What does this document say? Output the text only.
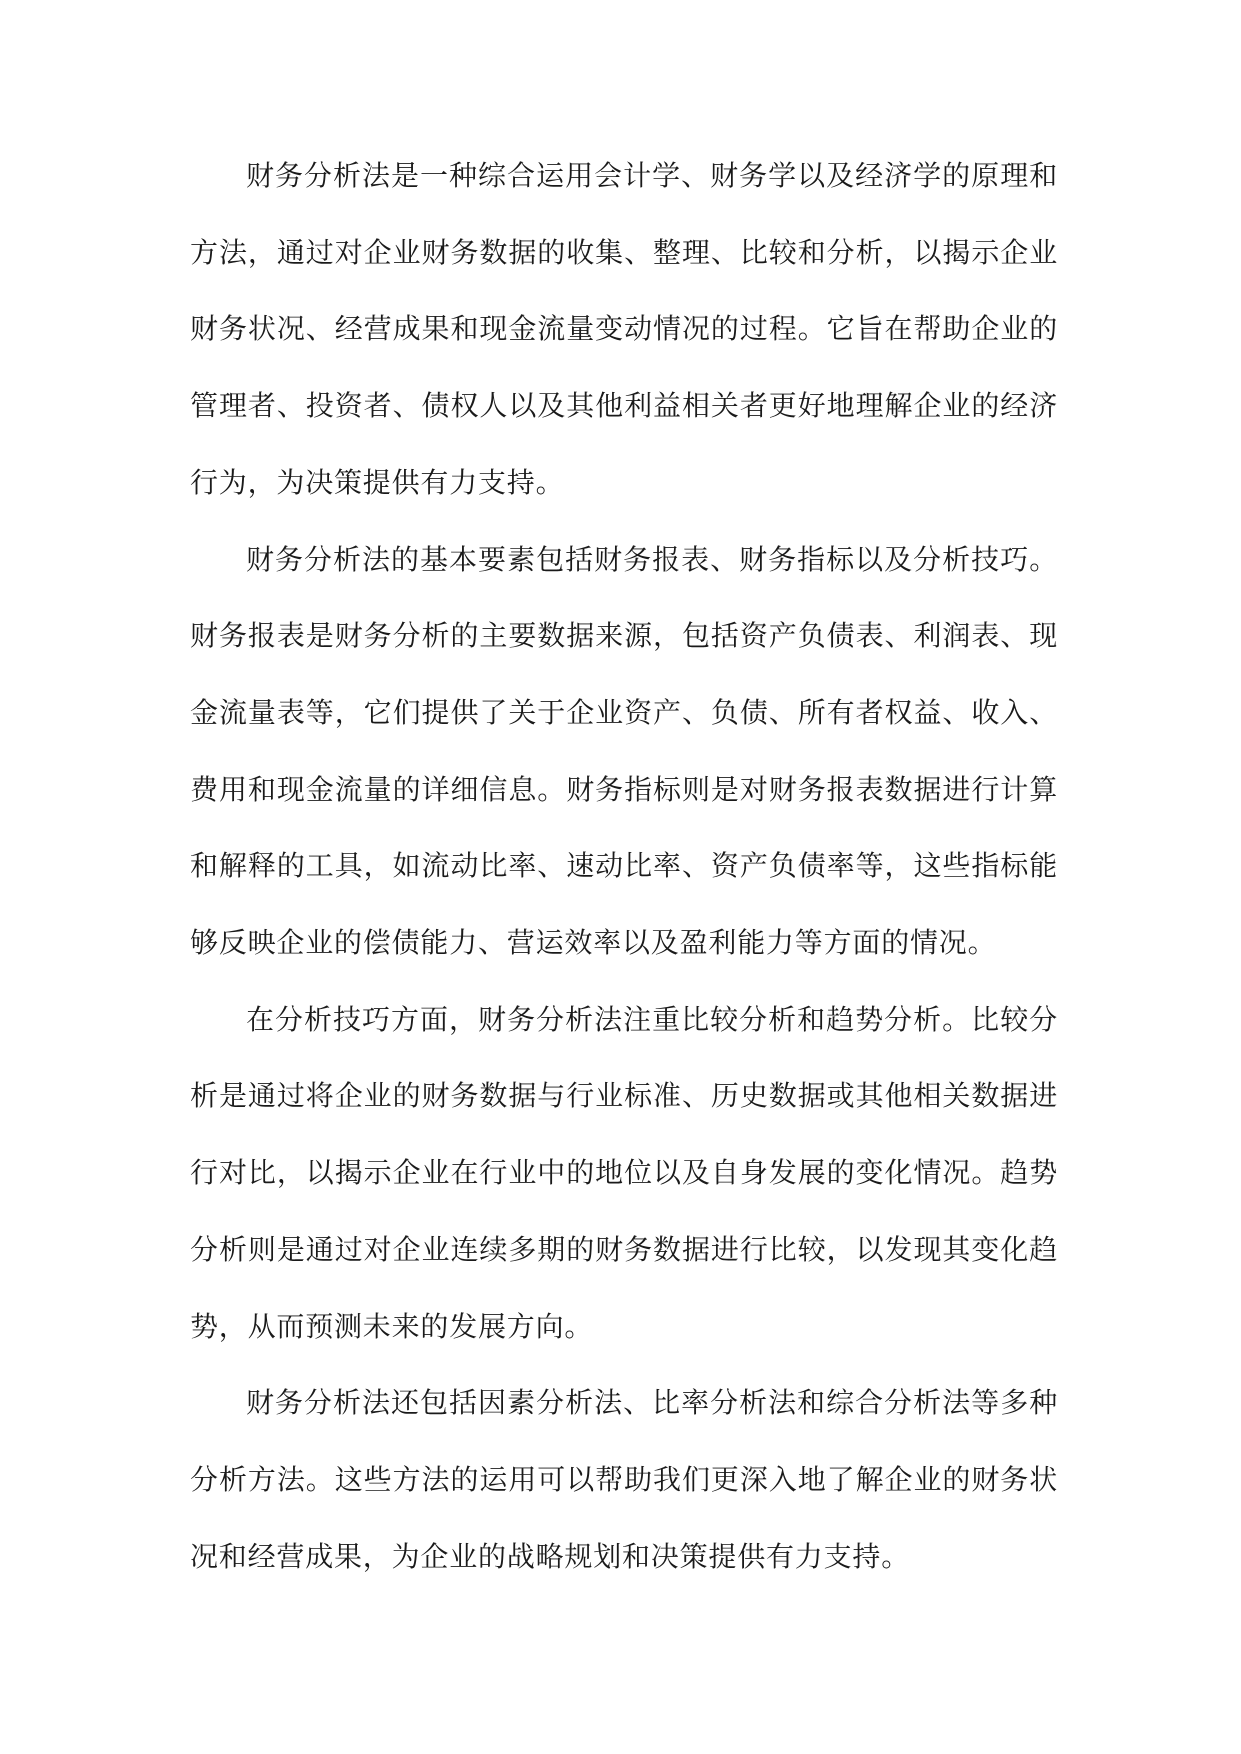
财务分析法是一种综合运用会计学、财务学以及经济学的原理和方法，通过对企业财务数据的收集、整理、比较和分析，以揭示企业财务状况、经营成果和现金流量变动情况的过程。它旨在帮助企业的管理者、投资者、债权人以及其他利益相关者更好地理解企业的经济行为，为决策提供有力支持。

财务分析法的基本要素包括财务报表、财务指标以及分析技巧。财务报表是财务分析的主要数据来源，包括资产负债表、利润表、现金流量表等，它们提供了关于企业资产、负债、所有者权益、收入、费用和现金流量的详细信息。财务指标则是对财务报表数据进行计算和解释的工具，如流动比率、速动比率、资产负债率等，这些指标能够反映企业的偿债能力、营运效率以及盈利能力等方面的情况。

在分析技巧方面，财务分析法注重比较分析和趋势分析。比较分析是通过将企业的财务数据与行业标准、历史数据或其他相关数据进行对比，以揭示企业在行业中的地位以及自身发展的变化情况。趋势分析则是通过对企业连续多期的财务数据进行比较，以发现其变化趋势，从而预测未来的发展方向。

财务分析法还包括因素分析法、比率分析法和综合分析法等多种分析方法。这些方法的运用可以帮助我们更深入地了解企业的财务状况和经营成果，为企业的战略规划和决策提供有力支持。
